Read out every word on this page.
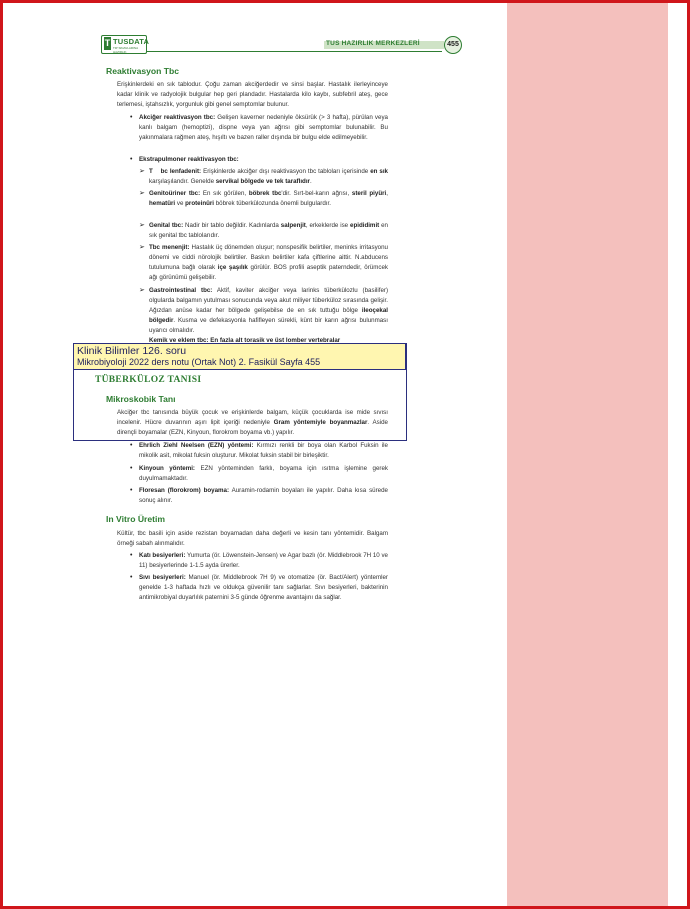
T TUSDATA
TIP SINAVLARINA HAZIRLIK
TUS HAZIRLIK MERKEZLERİ	455
Reaktivasyon Tbc
Erişkinlerdeki en sık tablodur. Çoğu zaman akciğerdedir ve sinsi başlar. Hastalık ilerleyinceye kadar klinik ve radyolojik bulgular hep geri plandadır. Hastalarda kilo kaybı, subfebril ateş, gece terlemesi, iştahsızlık, yorgunluk gibi genel semptomlar bulunur.
• Akciğer reaktivasyon tbc: Gelişen kaverner nedeniyle öksürük (> 3 hafta), pürülan veya kanlı balgam (hemoptizi), dispne veya yan ağrısı gibi semptomlar bulunabilir. Bu yakınmalara rağmen ateş, hışıltı ve bazen raller dışında bir bulgu elde edilmeyebilir.
• Ekstrapulmoner reaktivasyon tbc:
➢ T    bc lenfadenit: Erişkinlerde akciğer dışı reaktivasyon tbc tabloları içerisinde en sık karşılaşılandır. Genelde servikal bölgede ve tek taraflıdır.
➢ Genitoüriner tbc: En sık görülen, böbrek tbc'dir. Sırt-bel-karın ağrısı, steril piyüri, hematüri ve proteinüri böbrek tüberkülozunda önemli bulgulardır.
➢ Genital tbc: Nadir bir tablo değildir. Kadınlarda salpenjit, erkeklerde ise epididimit en sık genital tbc tablolarıdır.
➢ Tbc menenjit: Hastalık üç dönemden oluşur; nonspesifik belirtiler, meninks irritasyonu dönemi ve ciddi nörolojik belirtiler. Baskın belirtiler kafa çiftlerine aittir. N.abducens tutulumuna bağlı olarak içe şaşılık görülür. BOS profili aseptik paterndedir, örümcek ağı görünümü gelişebilir.
➢ Gastrointestinal tbc: Aktif, kaviter akciğer veya larinks tüberkülozlu (basilifer) olgularda balgamın yutulması sonucunda veya akut miliyer tüberküloz sırasında gelişir. Ağızdan anüse kadar her bölgede gelişebilse de en sık tuttuğu bölge ileoçekal bölgedir. Kusma ve defekasyonla hafifleyen sürekli, künt bir karın ağrısı bulunması uyarıcı olmalıdır.
➢ Kemik ve eklem tbc: En fazla alt torasik ve üst lomber vertebralar
TÜBERKÜLOZ TANISI
Mikroskobik Tanı
Akciğer tbc tanısında büyük çocuk ve erişkinlerde balgam, küçük çocuklarda ise mide sıvısı incelenir. Hücre duvarının aşırı lipit içeriği nedeniyle Gram yöntemiyle boyanmazlar. Aside dirençli boyamalar (EZN, Kinyoun, florokrom boyama vb.) yapılır.
• Ehrlich Ziehl Neelsen (EZN) yöntemi: Kırmızı renkli bir boya olan Karbol Fuksin ile mikolik asit, mikolat fuksin oluşturur. Mikolat fuksin stabil bir birleşiktir.
• Kinyoun yöntemi: EZN yönteminden farklı, boyama için ısıtma işlemine gerek duyulmamaktadır.
• Floresan (florokrom) boyama: Auramin-rodamin boyaları ile yapılır. Daha kısa sürede sonuç alınır.
In Vitro Üretim
Kültür, tbc basili için aside rezistan boyamadan daha değerli ve kesin tanı yöntemidir. Balgam örneği sabah alınmalıdır.
• Katı besiyerleri: Yumurta (ör. Löwenstein-Jensen) ve Agar bazlı (ör. Middlebrook 7H 10 ve 11) besiyerlerinde 1-1.5 ayda ürerler.
• Sıvı besiyerleri: Manuel (ör. Middlebrook 7H 9) ve otomatize (ör. Bact/Alert) yöntemler genelde 1-3 haftada hızlı ve oldukça güvenilir tanı sağlarlar. Sıvı besiyerleri, bakterinin antimikrobiyal duyarlılık paternini 3-5 günde öğrenme avantajını da sağlar.
Klinik Bilimler 126. soru
Mikrobiyoloji 2022 ders notu (Ortak Not) 2. Fasikül Sayfa 455
